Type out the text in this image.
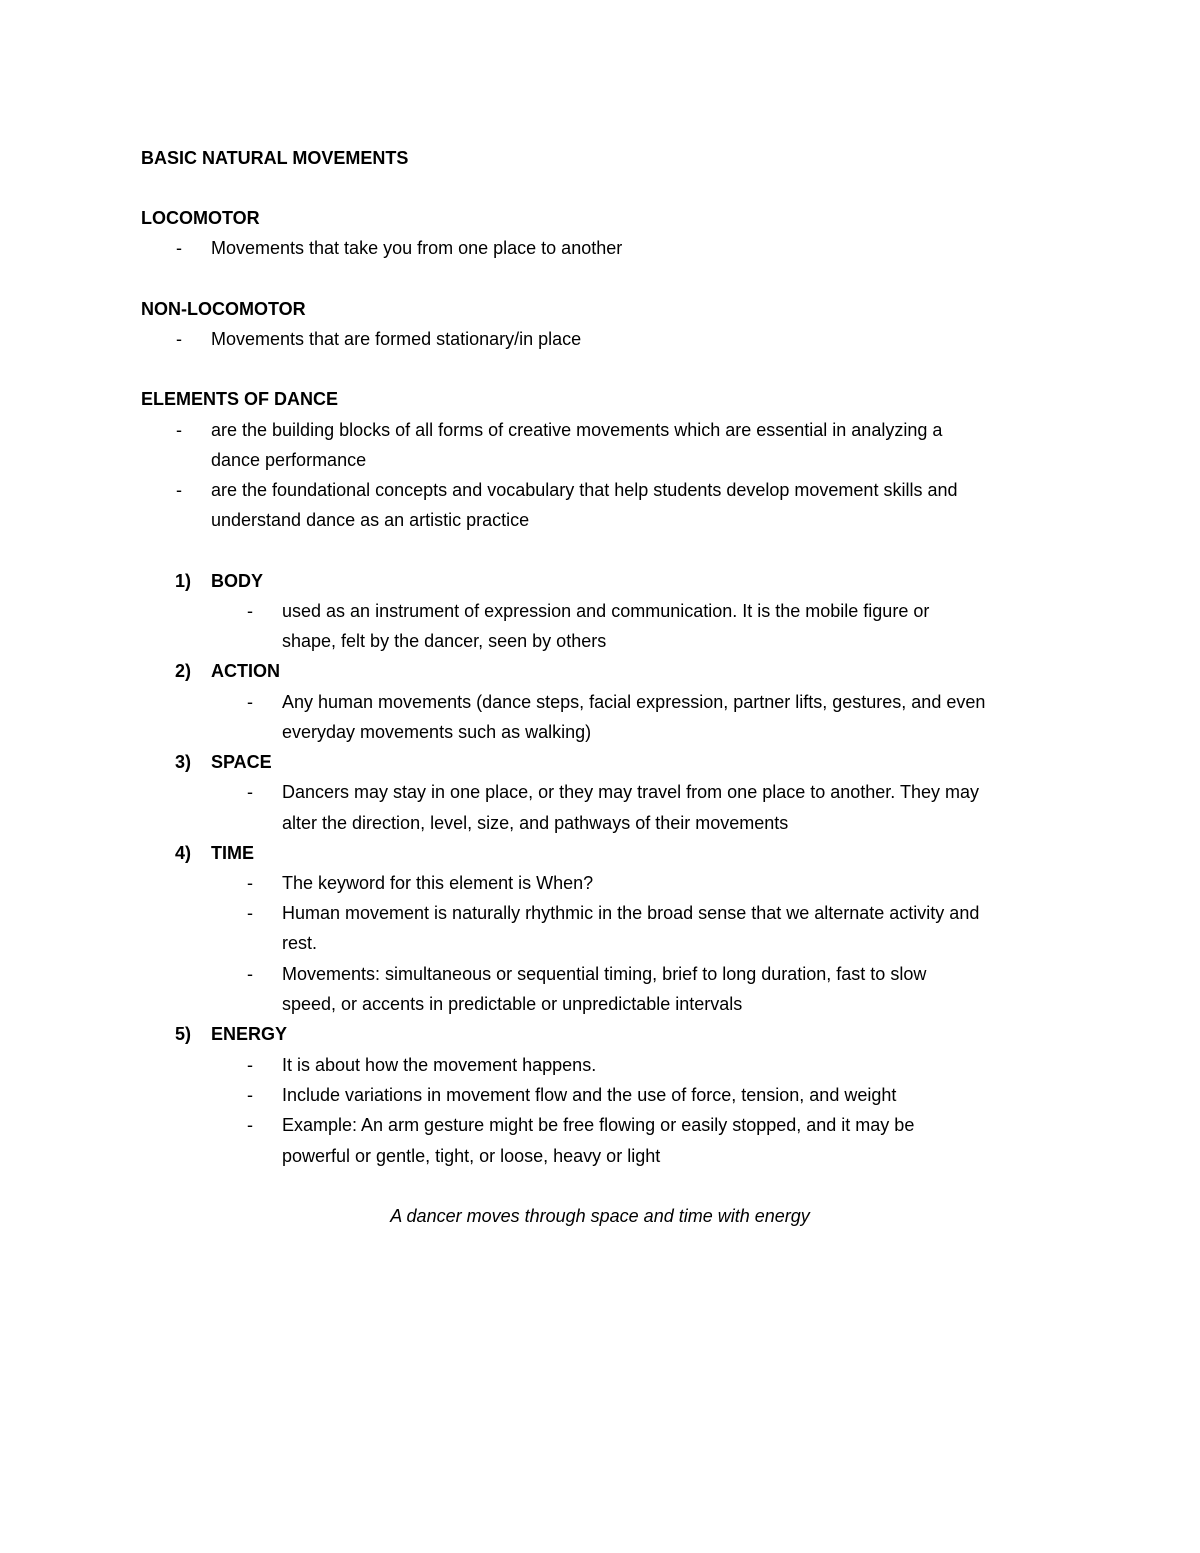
BASIC NATURAL MOVEMENTS
LOCOMOTOR
- Movements that take you from one place to another
NON-LOCOMOTOR
- Movements that are formed stationary/in place
ELEMENTS OF DANCE
- are the building blocks of all forms of creative movements which are essential in analyzing a
dance performance
- are the foundational concepts and vocabulary that help students develop movement skills and
understand dance as an artistic practice
1) BODY
- used as an instrument of expression and communication. It is the mobile figure or
shape, felt by the dancer, seen by others
2) ACTION
- Any human movements (dance steps, facial expression, partner lifts, gestures, and even
everyday movements such as walking)
3) SPACE
- Dancers may stay in one place, or they may travel from one place to another. They may
alter the direction, level, size, and pathways of their movements
4) TIME
- The keyword for this element is When?
- Human movement is naturally rhythmic in the broad sense that we alternate activity and
rest.
- Movements: simultaneous or sequential timing, brief to long duration, fast to slow
speed, or accents in predictable or unpredictable intervals
5) ENERGY
- It is about how the movement happens.
- Include variations in movement flow and the use of force, tension, and weight
- Example: An arm gesture might be free flowing or easily stopped, and it may be
powerful or gentle, tight, or loose, heavy or light
A dancer moves through space and time with energy
